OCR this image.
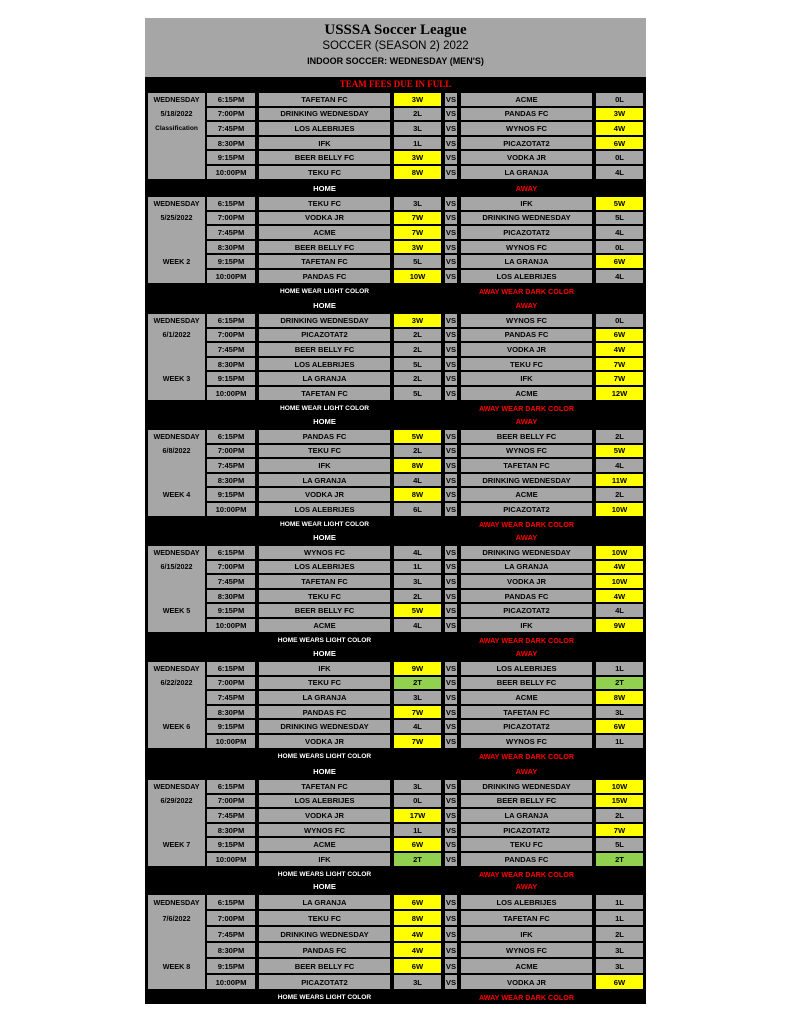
USSSA Soccer League
SOCCER (SEASON 2) 2022
INDOOR SOCCER: WEDNESDAY (MEN'S)
TEAM FEES DUE IN FULL
WEDNESDAY
5/18/2022
Classification
6:15PM	TAFETAN FC	3W	VS	ACME	0L
7:00PM	DRINKING WEDNESDAY	2L	VS	PANDAS FC	3W
7:45PM	LOS ALEBRIJES	3L	VS	WYNOS FC	4W
8:30PM	IFK	1L	VS	PICAZOTAT2	6W
9:15PM	BEER BELLY FC	3W	VS	VODKA JR	0L
10:00PM	TEKU FC	8W	VS	LA GRANJA	4L
HOME	AWAY
WEDNESDAY
5/25/2022
WEEK 2
6:15PM	TEKU FC	3L	VS	IFK	5W
7:00PM	VODKA JR	7W	VS	DRINKING WEDNESDAY	5L
7:45PM	ACME	7W	VS	PICAZOTAT2	4L
8:30PM	BEER BELLY FC	3W	VS	WYNOS FC	0L
9:15PM	TAFETAN FC	5L	VS	LA GRANJA	6W
10:00PM	PANDAS FC	10W	VS	LOS ALEBRIJES	4L
HOME WEAR LIGHT COLOR	AWAY WEAR DARK COLOR
HOME	AWAY
WEDNESDAY
6/1/2022
WEEK 3
6:15PM	DRINKING WEDNESDAY	3W	VS	WYNOS FC	0L
7:00PM	PICAZOTAT2	2L	VS	PANDAS FC	6W
7:45PM	BEER BELLY FC	2L	VS	VODKA JR	4W
8:30PM	LOS ALEBRIJES	5L	VS	TEKU FC	7W
9:15PM	LA GRANJA	2L	VS	IFK	7W
10:00PM	TAFETAN FC	5L	VS	ACME	12W
HOME WEAR LIGHT COLOR	AWAY WEAR DARK COLOR
HOME	AWAY
WEDNESDAY
6/8/2022
WEEK 4
6:15PM	PANDAS FC	5W	VS	BEER BELLY FC	2L
7:00PM	TEKU FC	2L	VS	WYNOS FC	5W
7:45PM	IFK	8W	VS	TAFETAN FC	4L
8:30PM	LA GRANJA	4L	VS	DRINKING WEDNESDAY	11W
9:15PM	VODKA JR	8W	VS	ACME	2L
10:00PM	LOS ALEBRIJES	6L	VS	PICAZOTAT2	10W
HOME WEAR LIGHT COLOR	AWAY WEAR DARK COLOR
HOME	AWAY
WEDNESDAY
6/15/2022
WEEK 5
6:15PM	WYNOS FC	4L	VS	DRINKING WEDNESDAY	10W
7:00PM	LOS ALEBRIJES	1L	VS	LA GRANJA	4W
7:45PM	TAFETAN FC	3L	VS	VODKA JR	10W
8:30PM	TEKU FC	2L	VS	PANDAS FC	4W
9:15PM	BEER BELLY FC	5W	VS	PICAZOTAT2	4L
10:00PM	ACME	4L	VS	IFK	9W
HOME WEARS LIGHT COLOR	AWAY WEAR DARK COLOR
HOME	AWAY
WEDNESDAY
6/22/2022
WEEK 6
6:15PM	IFK	9W	VS	LOS ALEBRIJES	1L
7:00PM	TEKU FC	2T	VS	BEER BELLY FC	2T
7:45PM	LA GRANJA	3L	VS	ACME	8W
8:30PM	PANDAS FC	7W	VS	TAFETAN FC	3L
9:15PM	DRINKING WEDNESDAY	4L	VS	PICAZOTAT2	6W
10:00PM	VODKA JR	7W	VS	WYNOS FC	1L
HOME WEARS LIGHT COLOR	AWAY WEAR DARK COLOR
HOME	AWAY
WEDNESDAY
6/29/2022
WEEK 7
6:15PM	TAFETAN FC	3L	VS	DRINKING WEDNESDAY	10W
7:00PM	LOS ALEBRIJES	0L	VS	BEER BELLY FC	15W
7:45PM	VODKA JR	17W	VS	LA GRANJA	2L
8:30PM	WYNOS FC	1L	VS	PICAZOTAT2	7W
9:15PM	ACME	6W	VS	TEKU FC	5L
10:00PM	IFK	2T	VS	PANDAS FC	2T
HOME WEARS LIGHT COLOR	AWAY WEAR DARK COLOR
HOME	AWAY
WEDNESDAY
7/6/2022
WEEK 8
6:15PM	LA GRANJA	6W	VS	LOS ALEBRIJES	1L
7:00PM	TEKU FC	8W	VS	TAFETAN FC	1L
7:45PM	DRINKING WEDNESDAY	4W	VS	IFK	2L
8:30PM	PANDAS FC	4W	VS	WYNOS FC	3L
9:15PM	BEER BELLY FC	6W	VS	ACME	3L
10:00PM	PICAZOTAT2	3L	VS	VODKA JR	6W
HOME WEARS LIGHT COLOR	AWAY WEAR DARK COLOR
